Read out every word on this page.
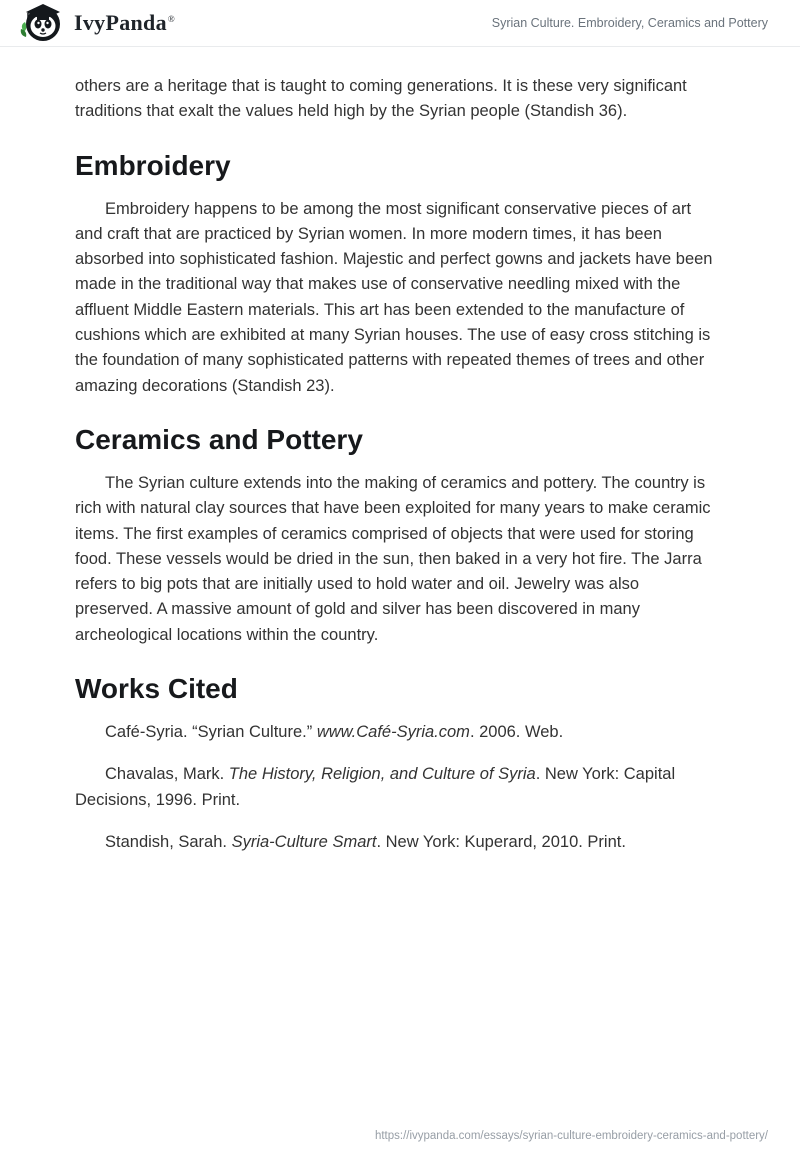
IvyPanda®	Syrian Culture. Embroidery, Ceramics and Pottery

others are a heritage that is taught to coming generations. It is these very significant traditions that exalt the values held high by the Syrian people (Standish 36).

Embroidery

Embroidery happens to be among the most significant conservative pieces of art and craft that are practiced by Syrian women. In more modern times, it has been absorbed into sophisticated fashion. Majestic and perfect gowns and jackets have been made in the traditional way that makes use of conservative needling mixed with the affluent Middle Eastern materials. This art has been extended to the manufacture of cushions which are exhibited at many Syrian houses. The use of easy cross stitching is the foundation of many sophisticated patterns with repeated themes of trees and other amazing decorations (Standish 23).

Ceramics and Pottery

The Syrian culture extends into the making of ceramics and pottery. The country is rich with natural clay sources that have been exploited for many years to make ceramic items. The first examples of ceramics comprised of objects that were used for storing food. These vessels would be dried in the sun, then baked in a very hot fire. The Jarra refers to big pots that are initially used to hold water and oil. Jewelry was also preserved. A massive amount of gold and silver has been discovered in many archeological locations within the country.

Works Cited

Café-Syria. “Syrian Culture.” www.Café-Syria.com. 2006. Web.

Chavalas, Mark. The History, Religion, and Culture of Syria. New York: Capital Decisions, 1996. Print.

Standish, Sarah. Syria-Culture Smart. New York: Kuperard, 2010. Print.

https://ivypanda.com/essays/syrian-culture-embroidery-ceramics-and-pottery/
